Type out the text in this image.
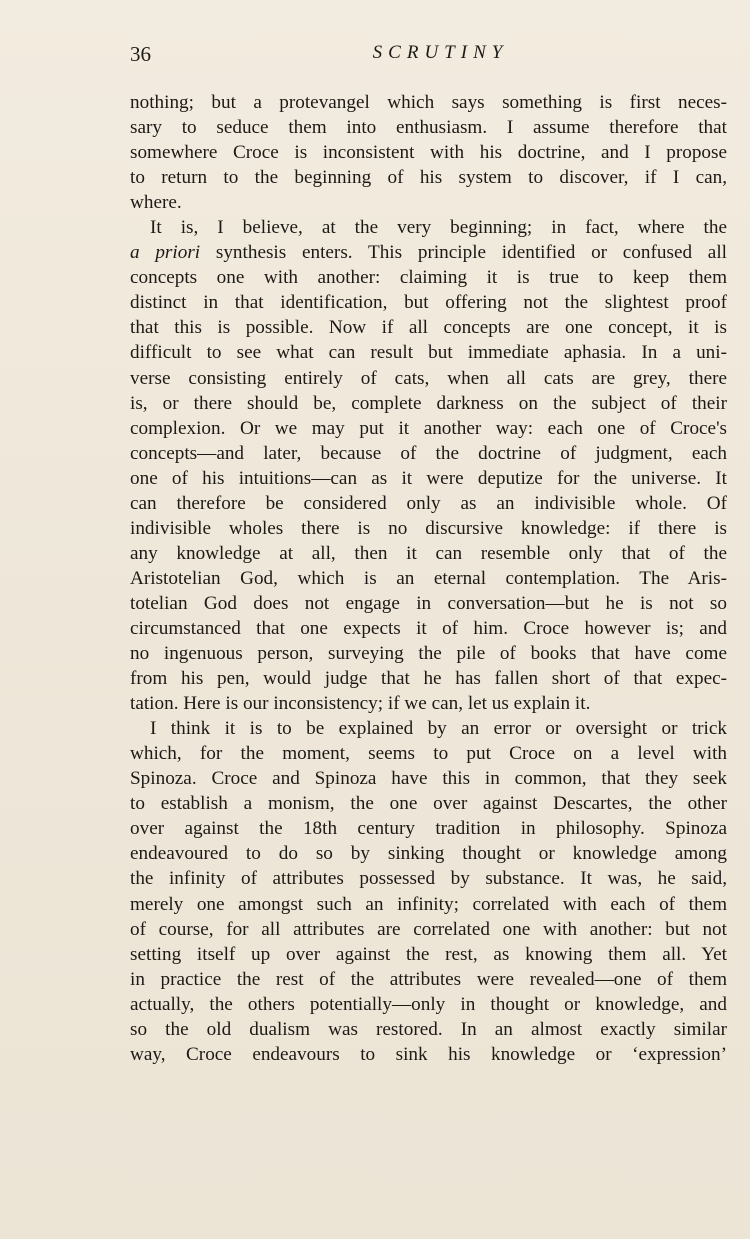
36	SCRUTINY
nothing; but a protevangel which says something is first neces-
sary to seduce them into enthusiasm. I assume therefore that
somewhere Croce is inconsistent with his doctrine, and I propose
to return to the beginning of his system to discover, if I can,
where.
It is, I believe, at the very beginning; in fact, where the
a priori synthesis enters. This principle identified or confused all
concepts one with another: claiming it is true to keep them
distinct in that identification, but offering not the slightest proof
that this is possible. Now if all concepts are one concept, it is
difficult to see what can result but immediate aphasia. In a uni-
verse consisting entirely of cats, when all cats are grey, there
is, or there should be, complete darkness on the subject of their
complexion. Or we may put it another way: each one of Croce's
concepts—and later, because of the doctrine of judgment, each
one of his intuitions—can as it were deputize for the universe. It
can therefore be considered only as an indivisible whole. Of
indivisible wholes there is no discursive knowledge: if there is
any knowledge at all, then it can resemble only that of the
Aristotelian God, which is an eternal contemplation. The Aris-
totelian God does not engage in conversation—but he is not so
circumstanced that one expects it of him. Croce however is; and
no ingenuous person, surveying the pile of books that have come
from his pen, would judge that he has fallen short of that expec-
tation. Here is our inconsistency; if we can, let us explain it.
I think it is to be explained by an error or oversight or trick
which, for the moment, seems to put Croce on a level with
Spinoza. Croce and Spinoza have this in common, that they seek
to establish a monism, the one over against Descartes, the other
over against the 18th century tradition in philosophy. Spinoza
endeavoured to do so by sinking thought or knowledge among
the infinity of attributes possessed by substance. It was, he said,
merely one amongst such an infinity; correlated with each of them
of course, for all attributes are correlated one with another: but not
setting itself up over against the rest, as knowing them all. Yet
in practice the rest of the attributes were revealed—one of them
actually, the others potentially—only in thought or knowledge, and
so the old dualism was restored. In an almost exactly similar
way, Croce endeavours to sink his knowledge or ‘expression’
